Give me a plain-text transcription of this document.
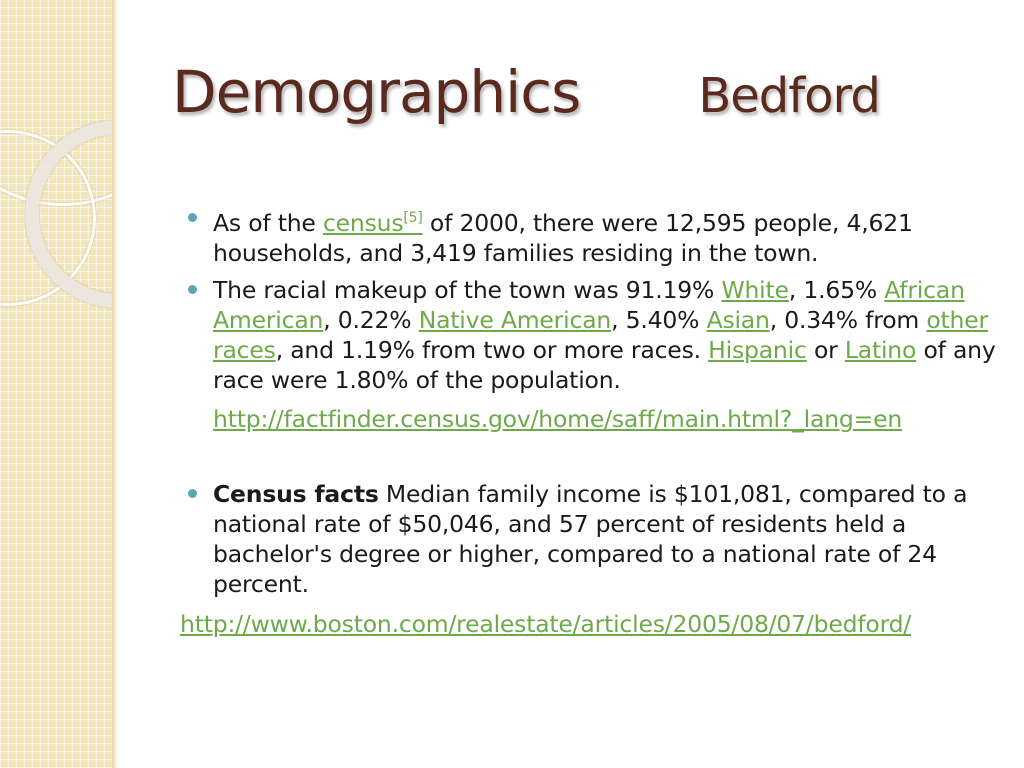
Demographics Bedford
As of the census[5] of 2000, there were 12,595 people, 4,621 households, and 3,419 families residing in the town.
The racial makeup of the town was 91.19% White, 1.65% African American, 0.22% Native American, 5.40% Asian, 0.34% from other races, and 1.19% from two or more races. Hispanic or Latino of any race were 1.80% of the population.
http://factfinder.census.gov/home/saff/main.html?_lang=en
Census facts Median family income is $101,081, compared to a national rate of $50,046, and 57 percent of residents held a bachelor's degree or higher, compared to a national rate of 24 percent.
http://www.boston.com/realestate/articles/2005/08/07/bedford/
